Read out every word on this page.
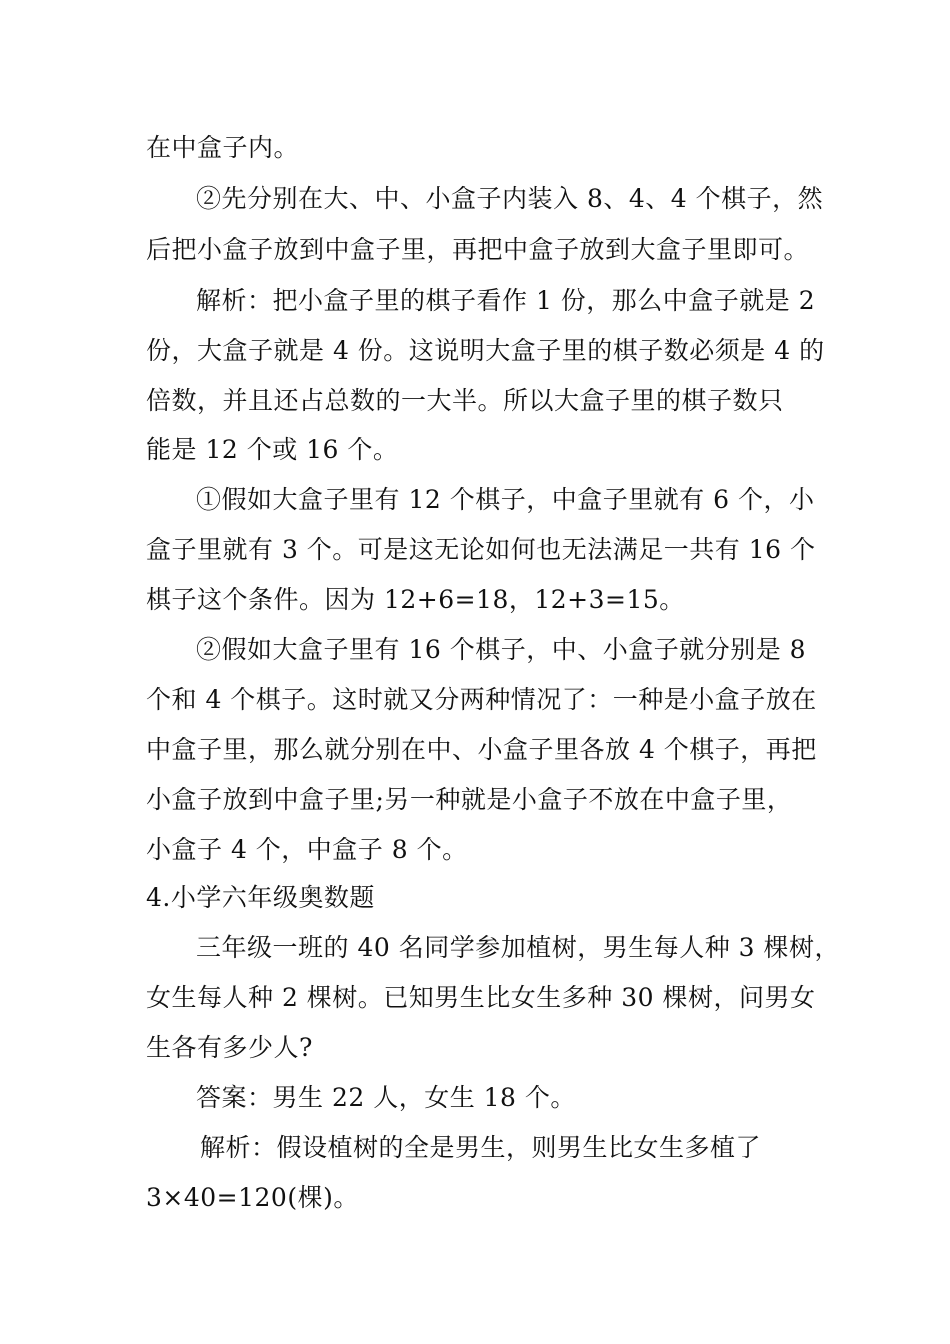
在中盒子内。
②先分别在大、中、小盒子内装入 8、4、4 个棋子，然
后把小盒子放到中盒子里，再把中盒子放到大盒子里即可。
解析：把小盒子里的棋子看作 1 份，那么中盒子就是 2
份，大盒子就是 4 份。这说明大盒子里的棋子数必须是 4 的
倍数，并且还占总数的一大半。所以大盒子里的棋子数只
能是 12 个或 16 个。
①假如大盒子里有 12 个棋子，中盒子里就有 6 个，小
盒子里就有 3 个。可是这无论如何也无法满足一共有 16 个
棋子这个条件。因为 12+6=18，12+3=15。
②假如大盒子里有 16 个棋子，中、小盒子就分别是 8
个和 4 个棋子。这时就又分两种情况了：一种是小盒子放在
中盒子里，那么就分别在中、小盒子里各放 4 个棋子，再把
小盒子放到中盒子里;另一种就是小盒子不放在中盒子里，
小盒子 4 个，中盒子 8 个。
4.小学六年级奥数题
三年级一班的 40 名同学参加植树，男生每人种 3 棵树，
女生每人种 2 棵树。已知男生比女生多种 30 棵树，问男女
生各有多少人?
答案：男生 22 人，女生 18 个。
解析：假设植树的全是男生，则男生比女生多植了
3×40=120(棵)。
